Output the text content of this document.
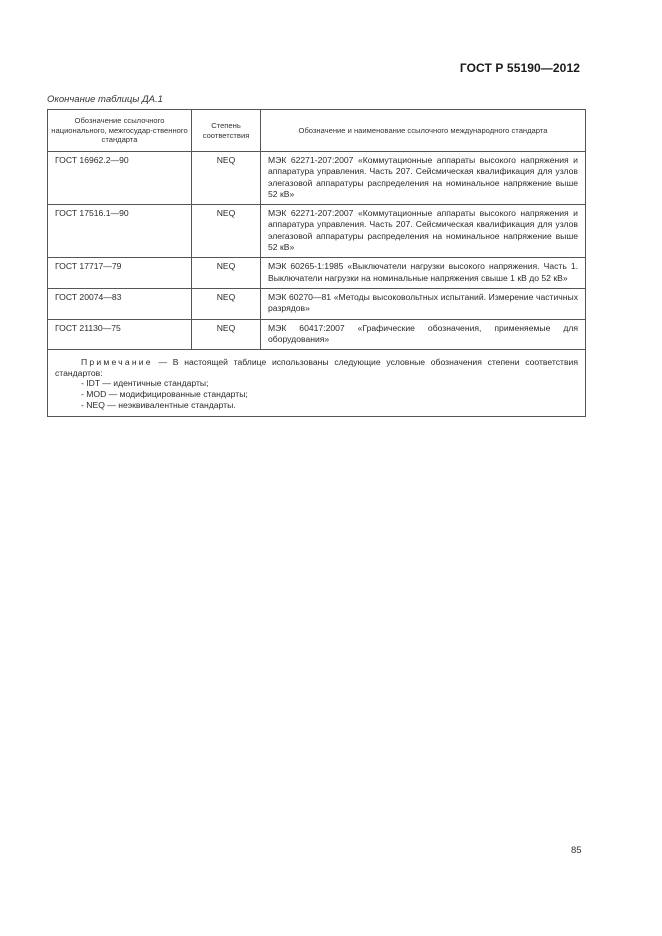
ГОСТ Р 55190—2012
Окончание таблицы ДА.1
Обозначение ссылочного национального, межгосудар-ственного стандарта	Степень соответствия	Обозначение и наименование ссылочного международного стандарта
ГОСТ 16962.2—90	NEQ	МЭК 62271-207:2007 «Коммутационные аппараты высокого напряжения и аппаратура управления. Часть 207. Сейсмическая квалификация для узлов элегазовой аппаратуры распределения на номинальное напряжение выше 52 кВ»
ГОСТ 17516.1—90	NEQ	МЭК 62271-207:2007 «Коммутационные аппараты высокого напряжения и аппаратура управления. Часть 207. Сейсмическая квалификация для узлов элегазовой аппаратуры распределения на номинальное напряжение выше 52 кВ»
ГОСТ 17717—79	NEQ	МЭК 60265-1:1985 «Выключатели нагрузки высокого напряжения. Часть 1. Выключатели нагрузки на номинальные напряжения свыше 1 кВ до 52 кВ»
ГОСТ 20074—83	NEQ	МЭК 60270—81 «Методы высоковольтных испытаний. Измерение частичных разрядов»
ГОСТ 21130—75	NEQ	МЭК 60417:2007 «Графические обозначения, применяемые для оборудования»

Примечание — В настоящей таблице использованы следующие условные обозначения степени соответствия стандартов:
- IDT — идентичные стандарты;
- MOD — модифицированные стандарты;
- NEQ — неэквивалентные стандарты.		
85
